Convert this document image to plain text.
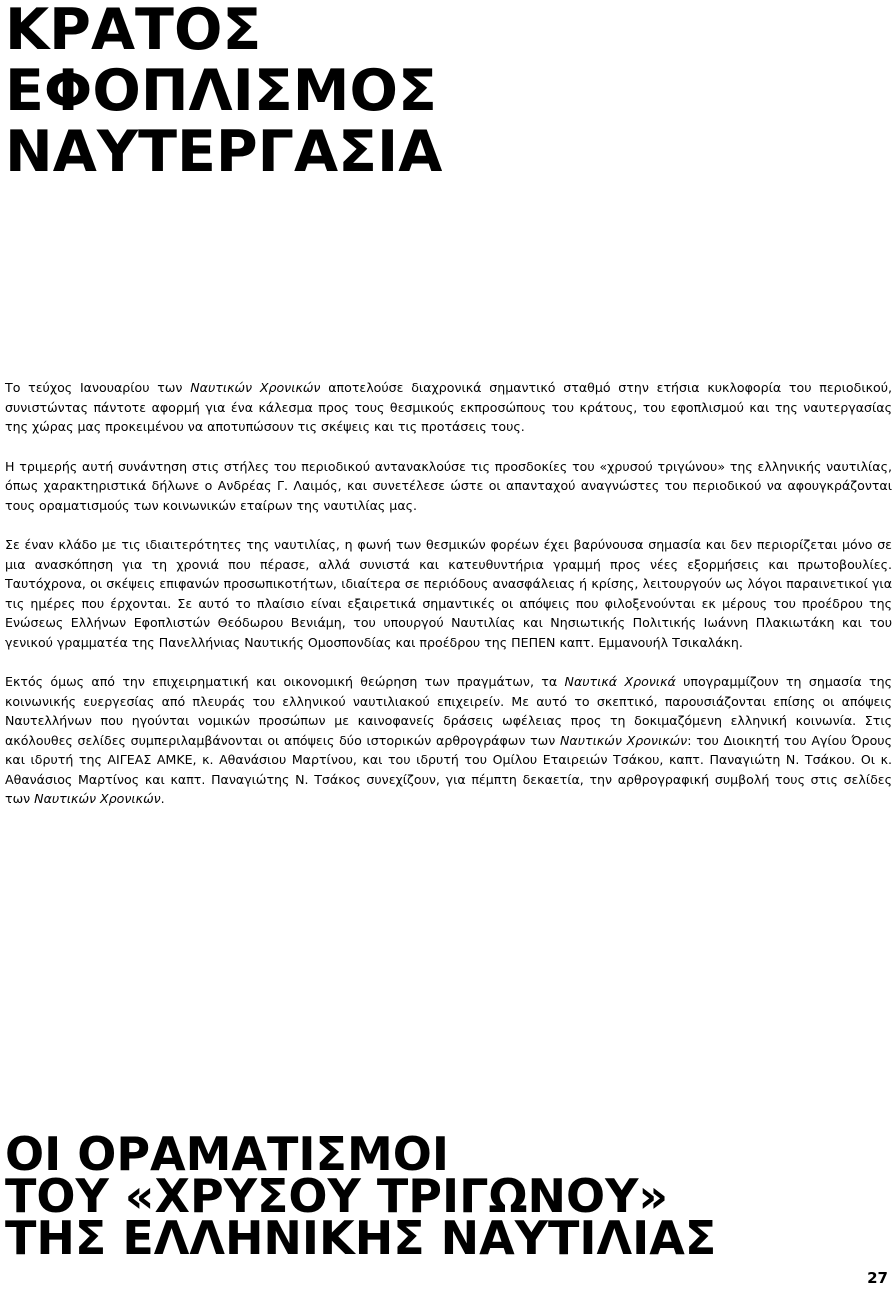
ΚΡΑΤΟΣ
ΕΦΟΠΛΙΣΜΟΣ
ΝΑΥΤΕΡΓΑΣΙΑ

Το τεύχος Ιανουαρίου των Ναυτικών Χρονικών αποτελούσε διαχρονικά σημαντικό σταθμό στην ετήσια κυκλοφορία του περιοδικού, συνιστώντας πάντοτε αφορμή για ένα κάλεσμα προς τους θεσμικούς εκπροσώπους του κράτους, του εφοπλισμού και της ναυτεργασίας της χώρας μας προκειμένου να αποτυπώσουν τις σκέψεις και τις προτάσεις τους.

Η τριμερής αυτή συνάντηση στις στήλες του περιοδικού αντανακλούσε τις προσδοκίες του «χρυσού τριγώνου» της ελληνικής ναυτιλίας, όπως χαρακτηριστικά δήλωνε ο Ανδρέας Γ. Λαιμός, και συνετέλεσε ώστε οι απανταχού αναγνώστες του περιοδικού να αφουγκράζονται τους οραματισμούς των κοινωνικών εταίρων της ναυτιλίας μας.

Σε έναν κλάδο με τις ιδιαιτερότητες της ναυτιλίας, η φωνή των θεσμικών φορέων έχει βαρύνουσα σημασία και δεν περιορίζεται μόνο σε μια ανασκόπηση για τη χρονιά που πέρασε, αλλά συνιστά και κατευθυντήρια γραμμή προς νέες εξορμήσεις και πρωτοβουλίες. Ταυτόχρονα, οι σκέψεις επιφανών προσωπικοτήτων, ιδιαίτερα σε περιόδους ανασφάλειας ή κρίσης, λειτουργούν ως λόγοι παραινετικοί για τις ημέρες που έρχονται. Σε αυτό το πλαίσιο είναι εξαιρετικά σημαντικές οι απόψεις που φιλοξενούνται εκ μέρους του προέδρου της Ενώσεως Ελλήνων Εφοπλιστών Θεόδωρου Βενιάμη, του υπουργού Ναυτιλίας και Νησιωτικής Πολιτικής Ιωάννη Πλακιωτάκη και του γενικού γραμματέα της Πανελλήνιας Ναυτικής Ομοσπονδίας και προέδρου της ΠΕΠΕΝ καπτ. Εμμανουήλ Τσικαλάκη.

Εκτός όμως από την επιχειρηματική και οικονομική θεώρηση των πραγμάτων, τα Ναυτικά Χρονικά υπογραμμίζουν τη σημασία της κοινωνικής ευεργεσίας από πλευράς του ελληνικού ναυτιλιακού επιχειρείν. Με αυτό το σκεπτικό, παρουσιάζονται επίσης οι απόψεις Ναυτελλήνων που ηγούνται νομικών προσώπων με καινοφανείς δράσεις ωφέλειας προς τη δοκιμαζόμενη ελληνική κοινωνία. Στις ακόλουθες σελίδες συμπεριλαμβάνονται οι απόψεις δύο ιστορικών αρθρογράφων των Ναυτικών Χρονικών: του Διοικητή του Αγίου Όρους και ιδρυτή της ΑΙΓΕΑΣ ΑΜΚΕ, κ. Αθανάσιου Μαρτίνου, και του ιδρυτή του Ομίλου Εταιρειών Τσάκου, καπτ. Παναγιώτη Ν. Τσάκου. Οι κ. Αθανάσιος Μαρτίνος και καπτ. Παναγιώτης Ν. Τσάκος συνεχίζουν, για πέμπτη δεκαετία, την αρθρογραφική συμβολή τους στις σελίδες των Ναυτικών Χρονικών.

ΟΙ ΟΡΑΜΑΤΙΣΜΟΙ
ΤΟΥ «ΧΡΥΣΟΥ ΤΡΙΓΩΝΟΥ»
ΤΗΣ ΕΛΛΗΝΙΚΗΣ ΝΑΥΤΙΛΙΑΣ
27
